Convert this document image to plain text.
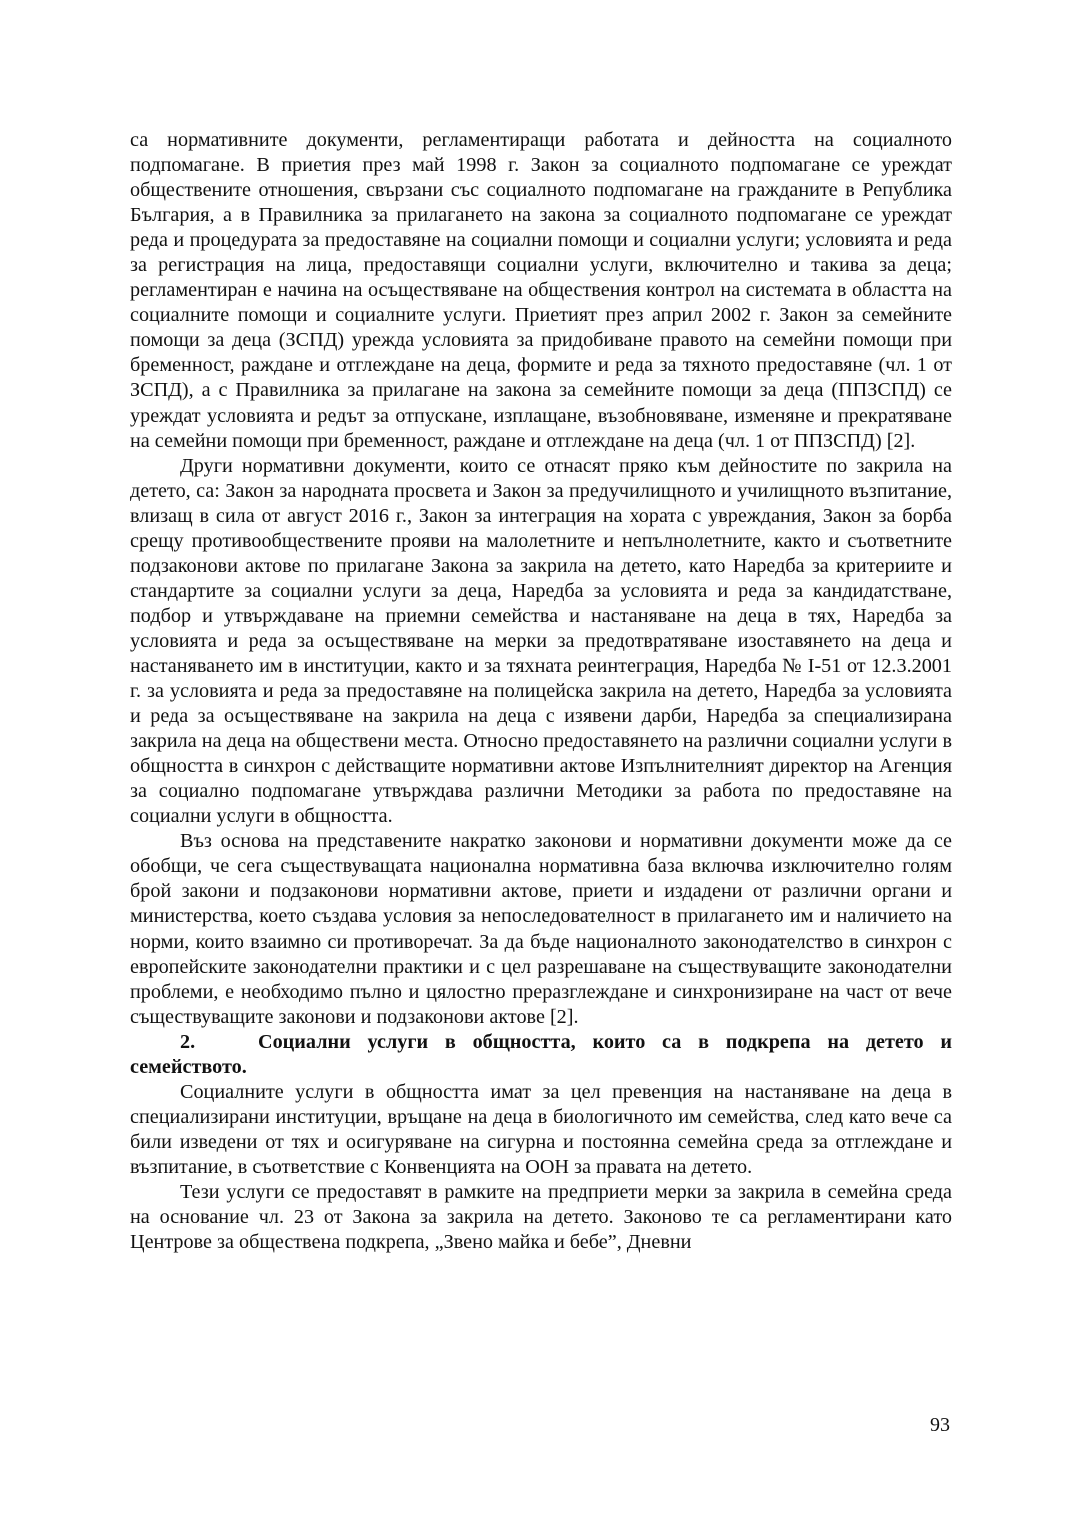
са нормативните документи, регламентиращи работата и дейността на социалното подпомагане. В приетия през май 1998 г. Закон за социалното подпомагане се уреждат обществените отношения, свързани със социалното подпомагане на гражданите в Република България, а в Правилника за прилагането на закона за социалното подпомагане се уреждат реда и процедурата за предоставяне на социални помощи и социални услуги; условията и реда за регистрация на лица, предоставящи социални услуги, включително и такива за деца; регламентиран е начина на осъществяване на обществения контрол на системата в областта на социалните помощи и социалните услуги. Приетият през април 2002 г. Закон за семейните помощи за деца (ЗСПД) урежда условията за придобиване правото на семейни помощи при бременност, раждане и отглеждане на деца, формите и реда за тяхното предоставяне (чл. 1 от ЗСПД), а с Правилника за прилагане на закона за семейните помощи за деца (ППЗСПД) се уреждат условията и редът за отпускане, изплащане, възобновяване, изменяне и прекратяване на семейни помощи при бременност, раждане и отглеждане на деца (чл. 1 от ППЗСПД) [2].

Други нормативни документи, които се отнасят пряко към дейностите по закрила на детето, са: Закон за народната просвета и Закон за предучилищното и училищното възпитание, влизащ в сила от август 2016 г., Закон за интеграция на хората с увреждания, Закон за борба срещу противообществените прояви на малолетните и непълнолетните, както и съответните подзаконови актове по прилагане Закона за закрила на детето, като Наредба за критериите и стандартите за социални услуги за деца, Наредба за условията и реда за кандидатстване, подбор и утвърждаване на приемни семейства и настаняване на деца в тях, Наредба за условията и реда за осъществяване на мерки за предотвратяване изоставянето на деца и настаняването им в институции, както и за тяхната реинтеграция, Наредба № I-51 от 12.3.2001 г. за условията и реда за предоставяне на полицейска закрила на детето, Наредба за условията и реда за осъществяване на закрила на деца с изявени дарби, Наредба за специализирана закрила на деца на обществени места. Относно предоставянето на различни социални услуги в общността в синхрон с действащите нормативни актове Изпълнителният директор на Агенция за социално подпомагане утвърждава различни Методики за работа по предоставяне на социални услуги в общността.

Въз основа на представените накратко законови и нормативни документи може да се обобщи, че сега съществуващата национална нормативна база включва изключително голям брой закони и подзаконови нормативни актове, приети и издадени от различни органи и министерства, което създава условия за непоследователност в прилагането им и наличието на норми, които взаимно си противоречат. За да бъде националното законодателство в синхрон с европейските законодателни практики и с цел разрешаване на съществуващите законодателни проблеми, е необходимо пълно и цялостно преразглеждане и синхронизиране на част от вече съществуващите законови и подзаконови актове [2].

2.	Социални услуги в общността, които са в подкрепа на детето и семейството.

Социалните услуги в общността имат за цел превенция на настаняване на деца в специализирани институции, връщане на деца в биологичното им семейства, след като вече са били изведени от тях и осигуряване на сигурна и постоянна семейна среда за отглеждане и възпитание, в съответствие с Конвенцията на ООН за правата на детето.

Тези услуги се предоставят в рамките на предприети мерки за закрила в семейна среда на основание чл. 23 от Закона за закрила на детето. Законово те са регламентирани като Центрове за обществена подкрепа, „Звено майка и бебе”, Дневни

93
